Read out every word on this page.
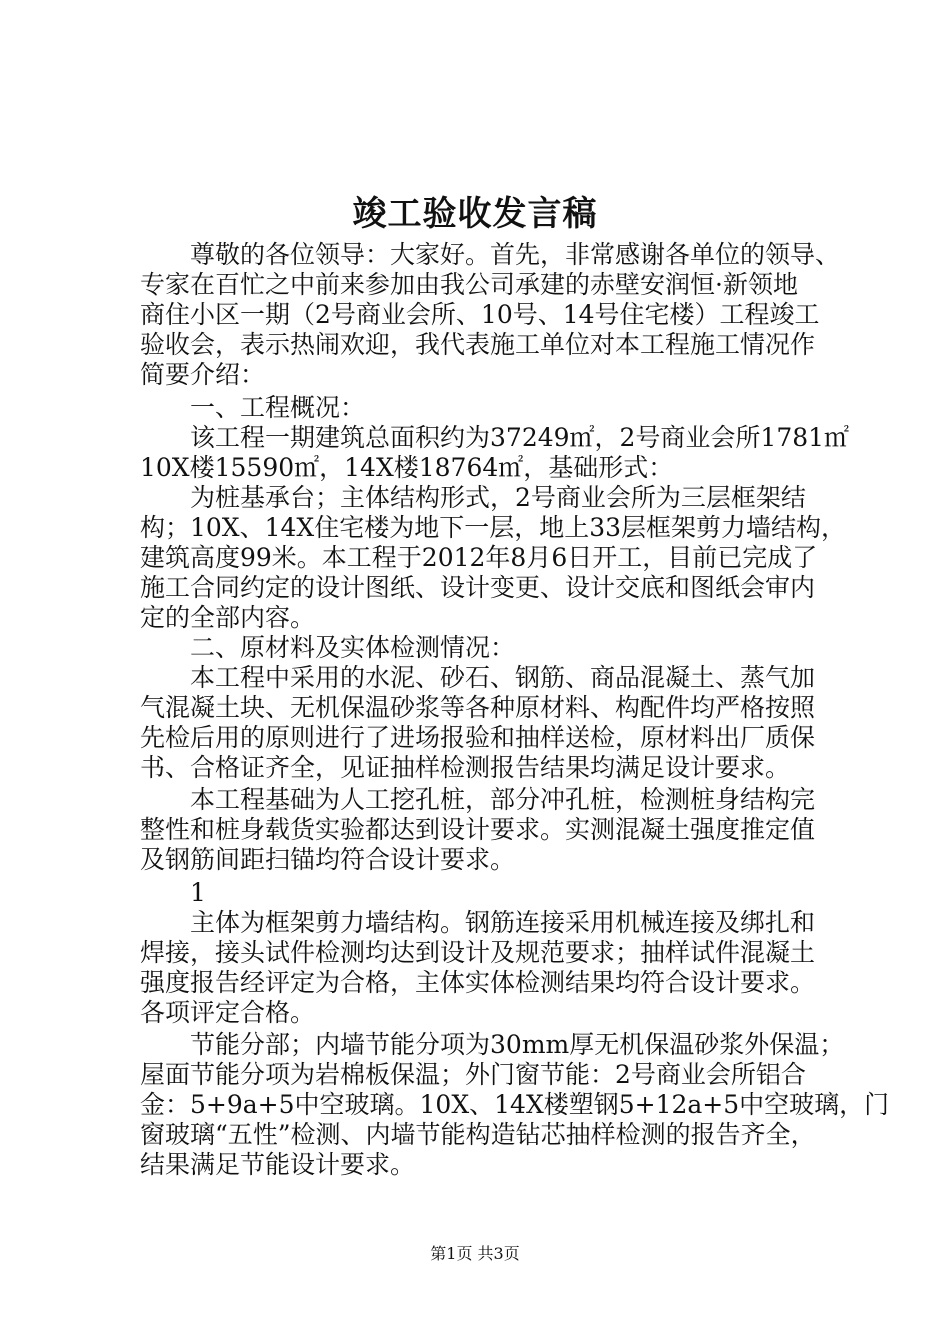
竣工验收发言稿
　　尊敬的各位领导：大家好。首先，非常感谢各单位的领导、
专家在百忙之中前来参加由我公司承建的赤壁安润恒·新领地
商住小区一期（2号商业会所、10号、14号住宅楼）工程竣工
验收会，表示热闹欢迎，我代表施工单位对本工程施工情况作
简要介绍：
　　一、工程概况：
　　该工程一期建筑总面积约为37249㎡，2号商业会所1781㎡
10X楼15590㎡，14X楼18764㎡，基础形式：
　　为桩基承台；主体结构形式，2号商业会所为三层框架结
构；10X、14X住宅楼为地下一层，地上33层框架剪力墙结构，
建筑高度99米。本工程于2012年8月6日开工，目前已完成了
施工合同约定的设计图纸、设计变更、设计交底和图纸会审内
定的全部内容。
　　二、原材料及实体检测情况：
　　本工程中采用的水泥、砂石、钢筋、商品混凝土、蒸气加
气混凝土块、无机保温砂浆等各种原材料、构配件均严格按照
先检后用的原则进行了进场报验和抽样送检，原材料出厂质保
书、合格证齐全，见证抽样检测报告结果均满足设计要求。
　　本工程基础为人工挖孔桩，部分冲孔桩，检测桩身结构完
整性和桩身载货实验都达到设计要求。实测混凝土强度推定值
及钢筋间距扫锚均符合设计要求。
　　1
　　主体为框架剪力墙结构。钢筋连接采用机械连接及绑扎和
焊接，接头试件检测均达到设计及规范要求；抽样试件混凝土
强度报告经评定为合格，主体实体检测结果均符合设计要求。
各项评定合格。
　　节能分部；内墙节能分项为30mm厚无机保温砂浆外保温；
屋面节能分项为岩棉板保温；外门窗节能：2号商业会所铝合
金：5+9a+5中空玻璃。10X、14X楼塑钢5+12a+5中空玻璃，门
窗玻璃“五性”检测、内墙节能构造钻芯抽样检测的报告齐全，
结果满足节能设计要求。
第1页 共3页
